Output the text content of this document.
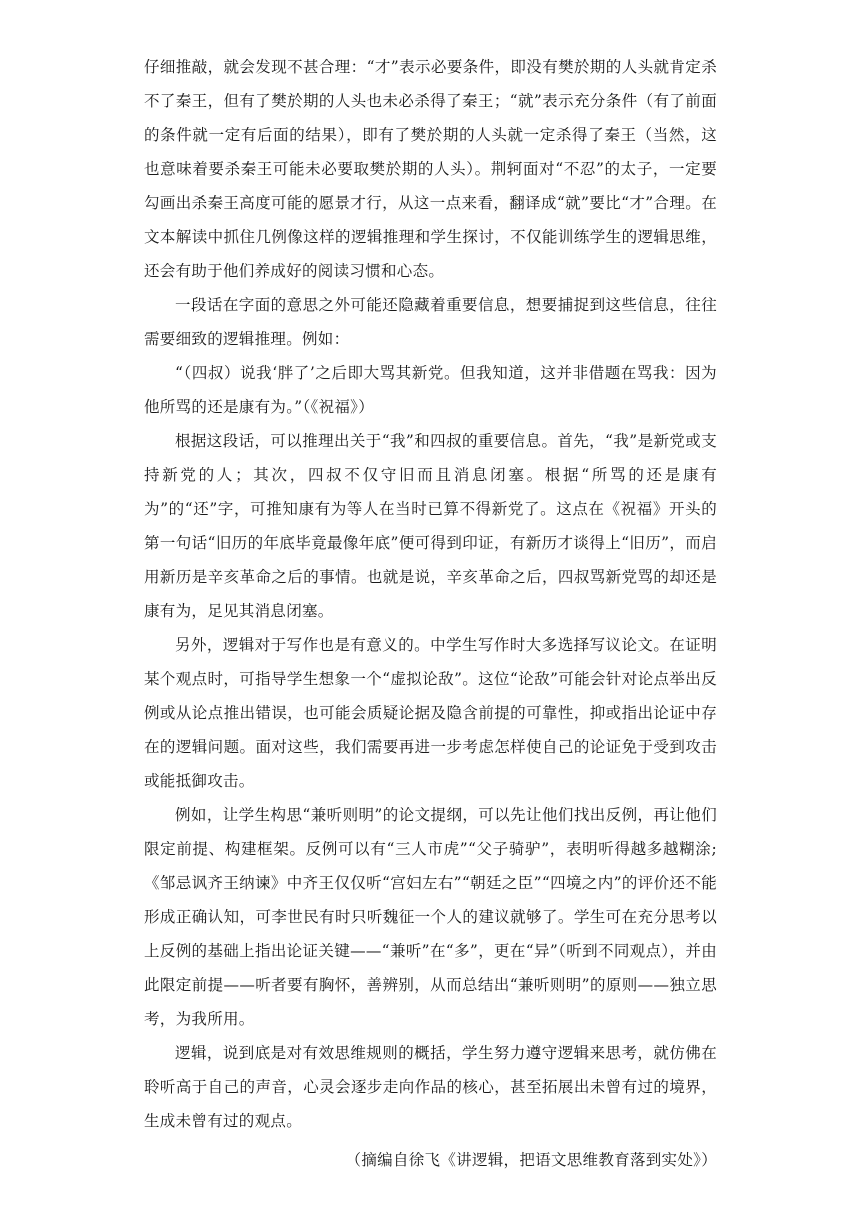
仔细推敲，就会发现不甚合理：“才”表示必要条件，即没有樊於期的人头就肯定杀不了秦王，但有了樊於期的人头也未必杀得了秦王；“就”表示充分条件（有了前面的条件就一定有后面的结果），即有了樊於期的人头就一定杀得了秦王（当然，这也意味着要杀秦王可能未必要取樊於期的人头）。荆轲面对“不忍”的太子，一定要勾画出杀秦王高度可能的愿景才行，从这一点来看，翻译成“就”要比“才”合理。在文本解读中抓住几例像这样的逻辑推理和学生探讨，不仅能训练学生的逻辑思维，还会有助于他们养成好的阅读习惯和心态。

一段话在字面的意思之外可能还隐藏着重要信息，想要捕捉到这些信息，往往需要细致的逻辑推理。例如：

“（四叔）说我‘胖了’之后即大骂其新党。但我知道，这并非借题在骂我：因为他所骂的还是康有为。”（《祝福》）

根据这段话，可以推理出关于“我”和四叔的重要信息。首先，“我”是新党或支持新党的人；其次，四叔不仅守旧而且消息闭塞。根据“所骂的还是康有为”的“还”字，可推知康有为等人在当时已算不得新党了。这点在《祝福》开头的第一句话“旧历的年底毕竟最像年底”便可得到印证，有新历才谈得上“旧历”，而启用新历是辛亥革命之后的事情。也就是说，辛亥革命之后，四叔骂新党骂的却还是康有为，足见其消息闭塞。

另外，逻辑对于写作也是有意义的。中学生写作时大多选择写议论文。在证明某个观点时，可指导学生想象一个“虚拟论敌”。这位“论敌”可能会针对论点举出反例或从论点推出错误，也可能会质疑论据及隐含前提的可靠性，抑或指出论证中存在的逻辑问题。面对这些，我们需要再进一步考虑怎样使自己的论证免于受到攻击或能抵御攻击。

例如，让学生构思“兼听则明”的论文提纲，可以先让他们找出反例，再让他们限定前提、构建框架。反例可以有“三人市虎”“父子骑驴”，表明听得越多越糊涂;《邹忌讽齐王纳谏》中齐王仅仅听“宫妇左右”“朝廷之臣”“四境之内”的评价还不能形成正确认知，可李世民有时只听魏征一个人的建议就够了。学生可在充分思考以上反例的基础上指出论证关键——“兼听”在“多”，更在“异”（听到不同观点），并由此限定前提——听者要有胸怀，善辨别，从而总结出“兼听则明”的原则——独立思考，为我所用。

逻辑，说到底是对有效思维规则的概括，学生努力遵守逻辑来思考，就仿佛在聆听高于自己的声音，心灵会逐步走向作品的核心，甚至拓展出未曾有过的境界，生成未曾有过的观点。

（摘编自徐飞《讲逻辑，把语文思维教育落到实处》）
